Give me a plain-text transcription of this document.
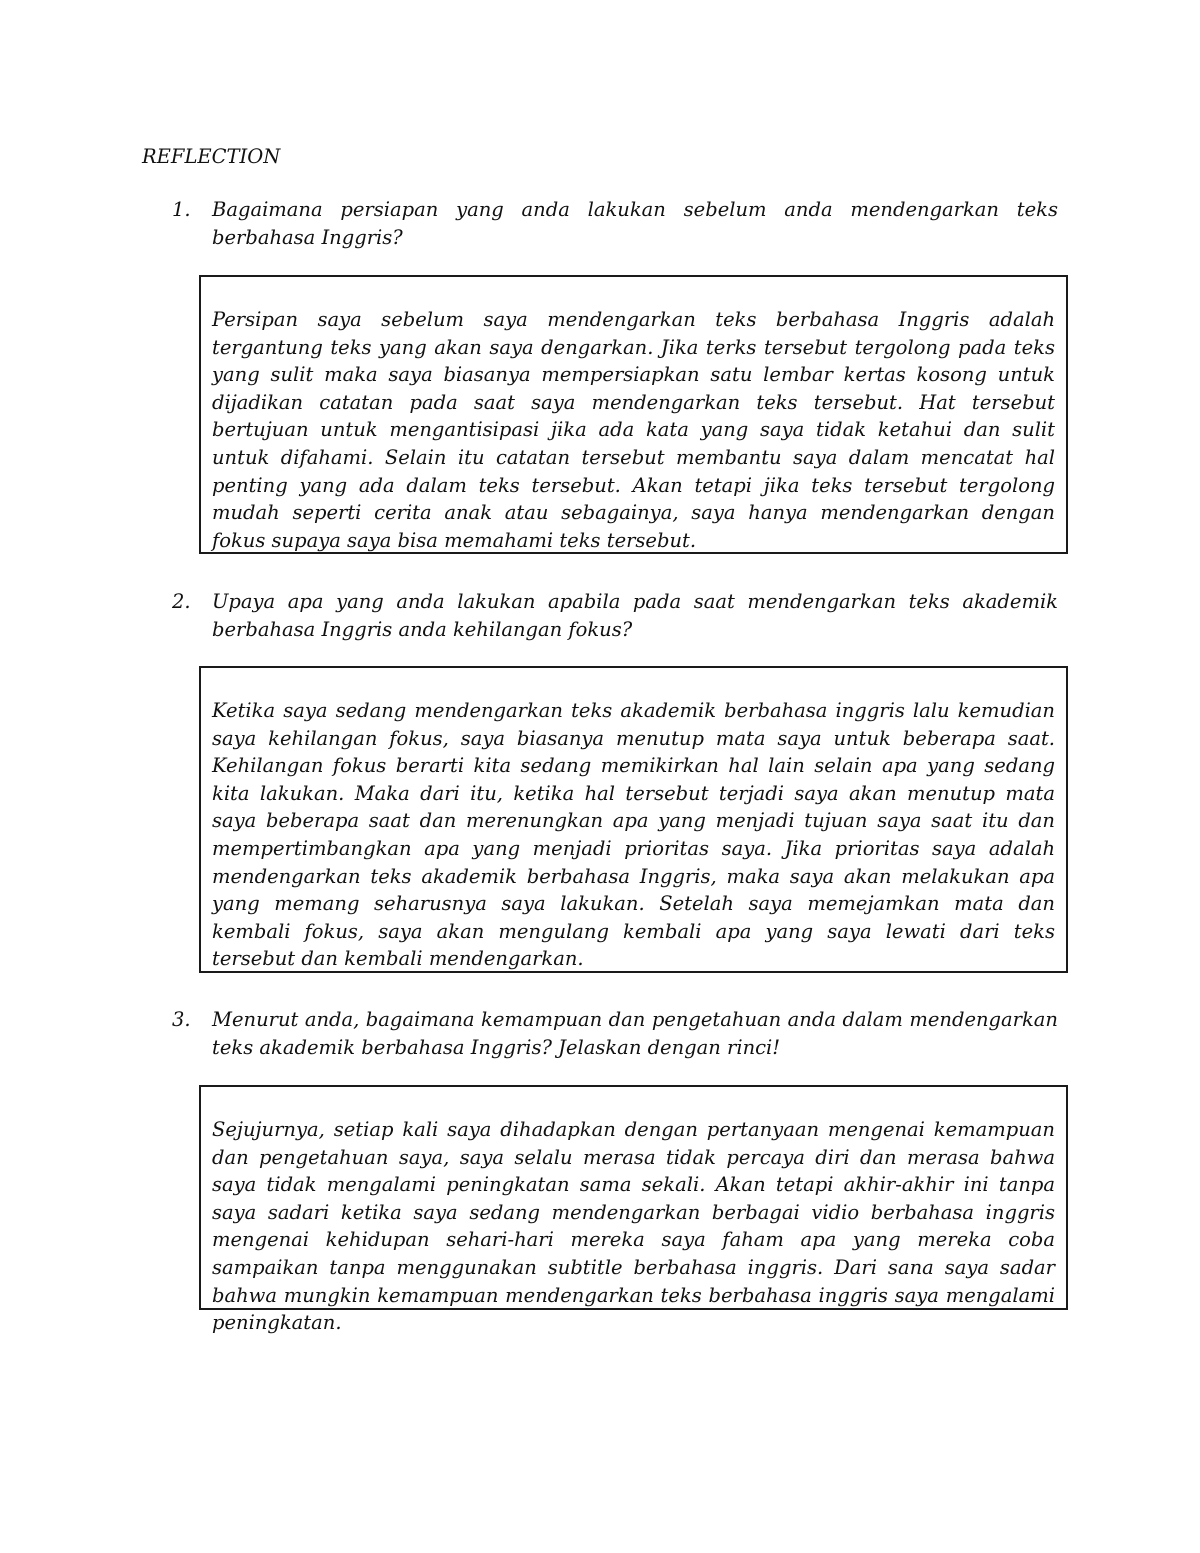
REFLECTION
1.	Bagaimana persiapan yang anda lakukan sebelum anda mendengarkan teks berbahasa Inggris?

Persipan saya sebelum saya mendengarkan teks berbahasa Inggris adalah tergantung teks yang akan saya dengarkan. Jika terks tersebut tergolong pada teks yang sulit maka saya biasanya mempersiapkan satu lembar kertas kosong untuk dijadikan catatan pada saat saya mendengarkan teks tersebut. Hat tersebut bertujuan untuk mengantisipasi jika ada kata yang saya tidak ketahui dan sulit untuk difahami. Selain itu catatan tersebut membantu saya dalam mencatat hal penting yang ada dalam teks tersebut. Akan tetapi jika teks tersebut tergolong mudah seperti cerita anak atau sebagainya, saya hanya mendengarkan dengan fokus supaya saya bisa memahami teks tersebut.

2.	Upaya apa yang anda lakukan apabila pada saat mendengarkan teks akademik berbahasa Inggris anda kehilangan fokus?

Ketika saya sedang mendengarkan teks akademik berbahasa inggris lalu kemudian saya kehilangan fokus, saya biasanya menutup mata saya untuk beberapa saat. Kehilangan fokus berarti kita sedang memikirkan hal lain selain apa yang sedang kita lakukan. Maka dari itu, ketika hal tersebut terjadi saya akan menutup mata saya beberapa saat dan merenungkan apa yang menjadi tujuan saya saat itu dan mempertimbangkan apa yang menjadi prioritas saya. Jika prioritas saya adalah mendengarkan teks akademik berbahasa Inggris, maka saya akan melakukan apa yang memang seharusnya saya lakukan. Setelah saya memejamkan mata dan kembali fokus, saya akan mengulang kembali apa yang saya lewati dari teks tersebut dan kembali mendengarkan.

3.	Menurut anda, bagaimana kemampuan dan pengetahuan anda dalam mendengarkan teks akademik berbahasa Inggris? Jelaskan dengan rinci!

Sejujurnya, setiap kali saya dihadapkan dengan pertanyaan mengenai kemampuan dan pengetahuan saya, saya selalu merasa tidak percaya diri dan merasa bahwa saya tidak mengalami peningkatan sama sekali. Akan tetapi akhir-akhir ini tanpa saya sadari ketika saya sedang mendengarkan berbagai vidio berbahasa inggris mengenai kehidupan sehari-hari mereka saya faham apa yang mereka coba sampaikan tanpa menggunakan subtitle berbahasa inggris. Dari sana saya sadar bahwa mungkin kemampuan mendengarkan teks berbahasa inggris saya mengalami peningkatan.
